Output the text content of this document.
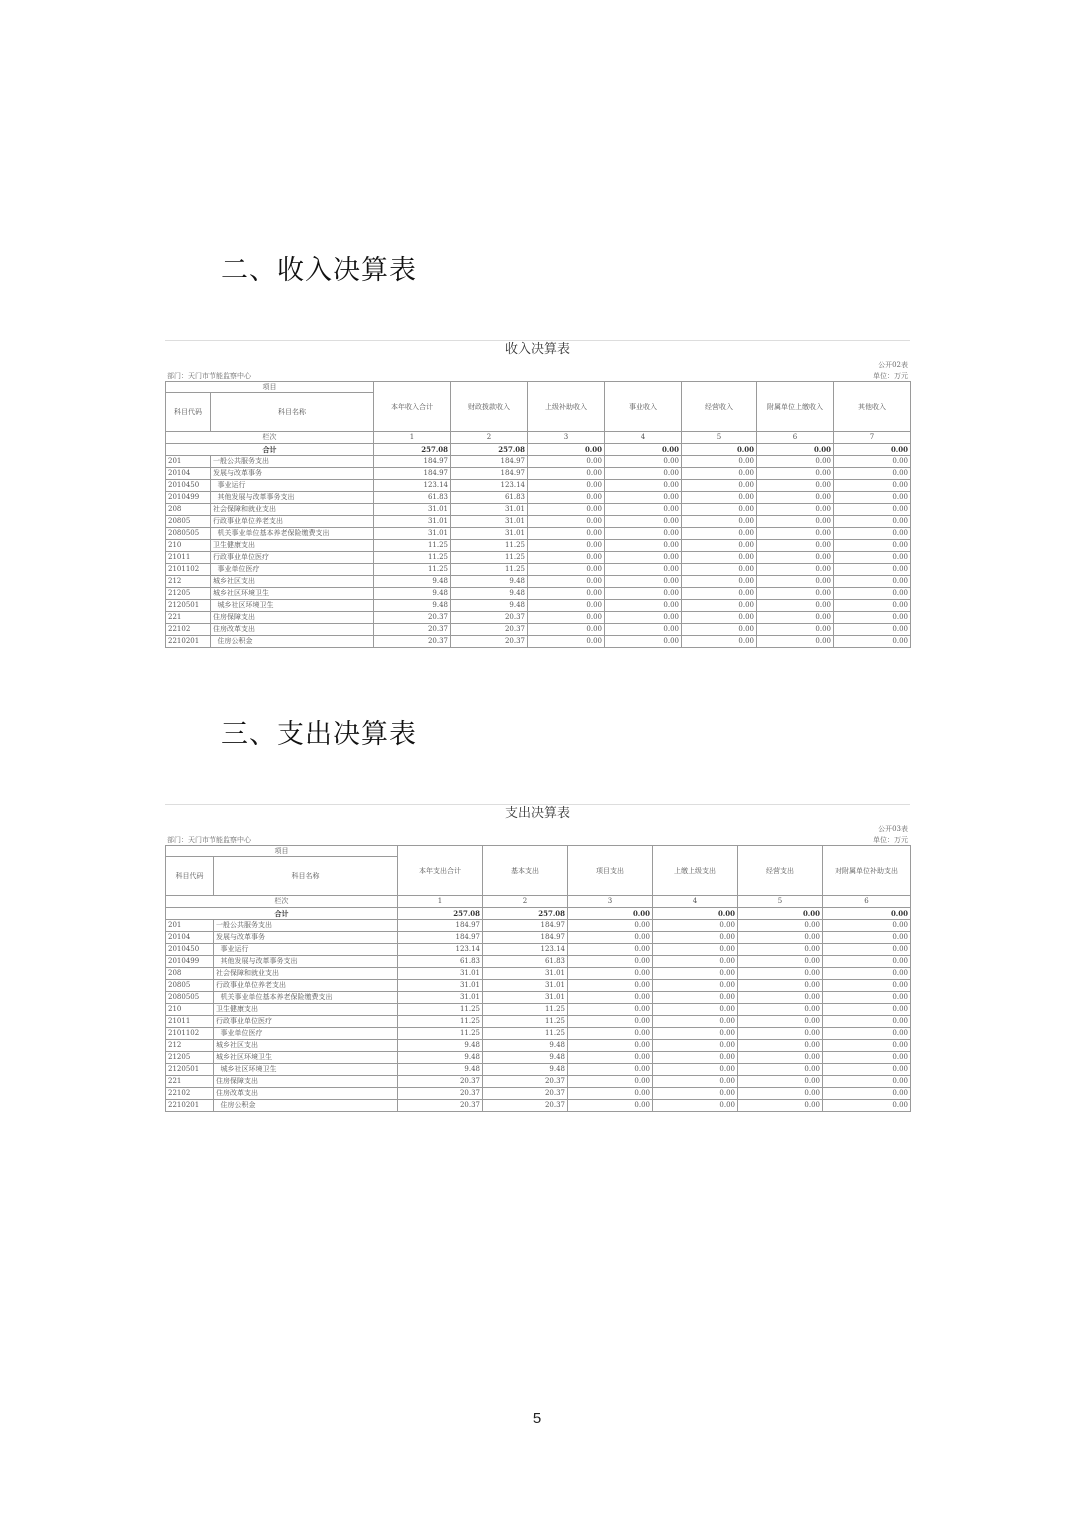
二、收入决算表
收入决算表
公开02表
部门：天门市节能监察中心	单位：万元
项目		本年收入合计	财政拨款收入	上级补助收入	事业收入	经营收入	附属单位上缴收入	其他收入
科目代码	科目名称							
栏次		1	2	3	4	5	6	7
合计		257.08	257.08	0.00	0.00	0.00	0.00	0.00
201	一般公共服务支出	184.97	184.97	0.00	0.00	0.00	0.00	0.00
20104	发展与改革事务	184.97	184.97	0.00	0.00	0.00	0.00	0.00
2010450	事业运行	123.14	123.14	0.00	0.00	0.00	0.00	0.00
2010499	其他发展与改革事务支出	61.83	61.83	0.00	0.00	0.00	0.00	0.00
208	社会保障和就业支出	31.01	31.01	0.00	0.00	0.00	0.00	0.00
20805	行政事业单位养老支出	31.01	31.01	0.00	0.00	0.00	0.00	0.00
2080505	机关事业单位基本养老保险缴费支出	31.01	31.01	0.00	0.00	0.00	0.00	0.00
210	卫生健康支出	11.25	11.25	0.00	0.00	0.00	0.00	0.00
21011	行政事业单位医疗	11.25	11.25	0.00	0.00	0.00	0.00	0.00
2101102	事业单位医疗	11.25	11.25	0.00	0.00	0.00	0.00	0.00
212	城乡社区支出	9.48	9.48	0.00	0.00	0.00	0.00	0.00
21205	城乡社区环境卫生	9.48	9.48	0.00	0.00	0.00	0.00	0.00
2120501	城乡社区环境卫生	9.48	9.48	0.00	0.00	0.00	0.00	0.00
221	住房保障支出	20.37	20.37	0.00	0.00	0.00	0.00	0.00
22102	住房改革支出	20.37	20.37	0.00	0.00	0.00	0.00	0.00
2210201	住房公积金	20.37	20.37	0.00	0.00	0.00	0.00	0.00
三、支出决算表
支出决算表
公开03表
部门：天门市节能监察中心	单位：万元
项目		本年支出合计	基本支出	项目支出	上缴上级支出	经营支出	对附属单位补助支出
科目代码	科目名称						
栏次		1	2	3	4	5	6
合计		257.08	257.08	0.00	0.00	0.00	0.00
201	一般公共服务支出	184.97	184.97	0.00	0.00	0.00	0.00
20104	发展与改革事务	184.97	184.97	0.00	0.00	0.00	0.00
2010450	事业运行	123.14	123.14	0.00	0.00	0.00	0.00
2010499	其他发展与改革事务支出	61.83	61.83	0.00	0.00	0.00	0.00
208	社会保障和就业支出	31.01	31.01	0.00	0.00	0.00	0.00
20805	行政事业单位养老支出	31.01	31.01	0.00	0.00	0.00	0.00
2080505	机关事业单位基本养老保险缴费支出	31.01	31.01	0.00	0.00	0.00	0.00
210	卫生健康支出	11.25	11.25	0.00	0.00	0.00	0.00
21011	行政事业单位医疗	11.25	11.25	0.00	0.00	0.00	0.00
2101102	事业单位医疗	11.25	11.25	0.00	0.00	0.00	0.00
212	城乡社区支出	9.48	9.48	0.00	0.00	0.00	0.00
21205	城乡社区环境卫生	9.48	9.48	0.00	0.00	0.00	0.00
2120501	城乡社区环境卫生	9.48	9.48	0.00	0.00	0.00	0.00
221	住房保障支出	20.37	20.37	0.00	0.00	0.00	0.00
22102	住房改革支出	20.37	20.37	0.00	0.00	0.00	0.00
2210201	住房公积金	20.37	20.37	0.00	0.00	0.00	0.00
5
